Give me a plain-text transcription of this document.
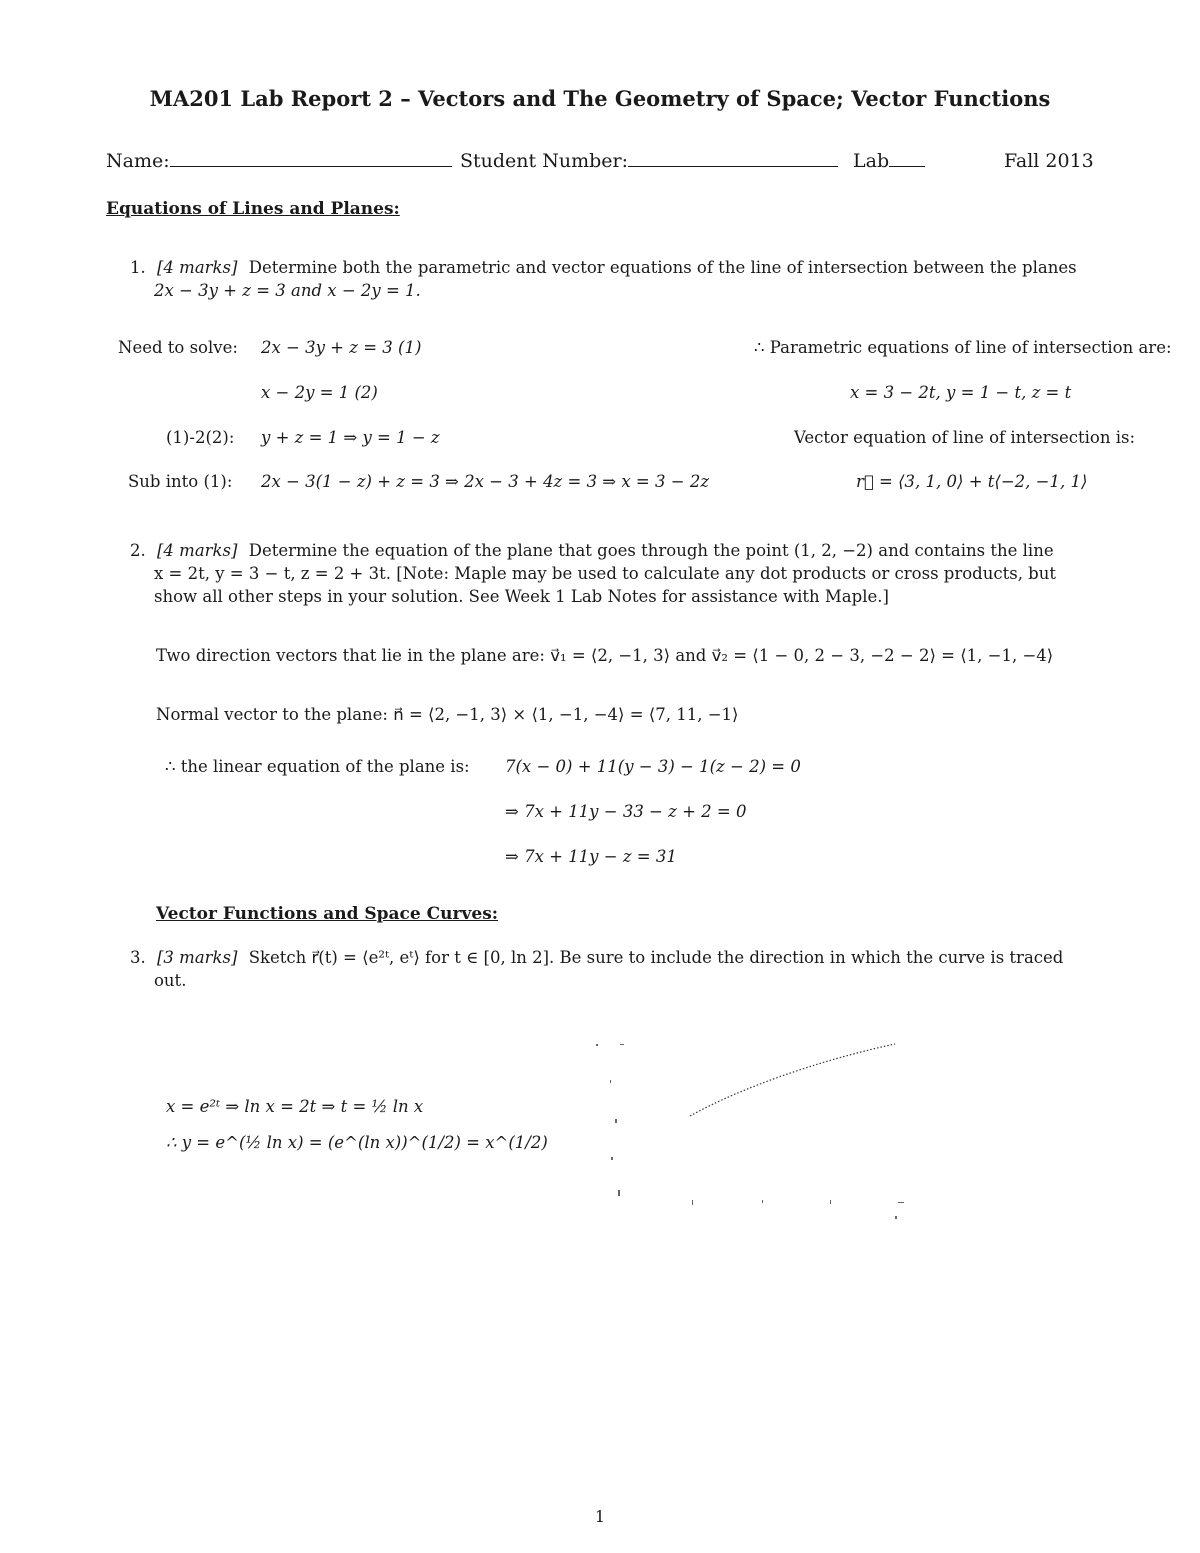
MA201 Lab Report 2 – Vectors and The Geometry of Space; Vector Functions
Name:	Student Number:	Lab	Fall 2013
Equations of Lines and Planes:
1. [4 marks] Determine both the parametric and vector equations of the line of intersection between the planes
2x − 3y + z = 3 and x − 2y = 1.
Need to solve: 2x − 3y + z = 3 (1)
x − 2y = 1 (2)
(1)-2(2): y + z = 1 ⇒ y = 1 − z
Sub into (1): 2x − 3(1 − z) + z = 3 ⇒ 2x − 3 + 4z = 3 ⇒ x = 3 − 2z
∴ Parametric equations of line of intersection are:
x = 3 − 2t, y = 1 − t, z = t
Vector equation of line of intersection is:
r⃗ = ⟨3, 1, 0⟩ + t⟨−2, −1, 1⟩
2. [4 marks] Determine the equation of the plane that goes through the point (1, 2, −2) and contains the line
x = 2t, y = 3 − t, z = 2 + 3t. [Note: Maple may be used to calculate any dot products or cross products, but
show all other steps in your solution. See Week 1 Lab Notes for assistance with Maple.]
Two direction vectors that lie in the plane are: v⃗₁ = ⟨2, −1, 3⟩ and v⃗₂ = ⟨1 − 0, 2 − 3, −2 − 2⟩ = ⟨1, −1, −4⟩
Normal vector to the plane: n⃗ = ⟨2, −1, 3⟩ × ⟨1, −1, −4⟩ = ⟨7, 11, −1⟩
∴ the linear equation of the plane is: 7(x − 0) + 11(y − 3) − 1(z − 2) = 0
⇒ 7x + 11y − 33 − z + 2 = 0
⇒ 7x + 11y − z = 31
Vector Functions and Space Curves:
3. [3 marks] Sketch r⃗(t) = ⟨e²ᵗ, eᵗ⟩ for t ∈ [0, ln 2]. Be sure to include the direction in which the curve is traced
out.
x = e²ᵗ ⇒ ln x = 2t ⇒ t = ½ ln x
∴ y = e^(½ ln x) = (e^(ln x))^(1/2) = x^(1/2)
1
